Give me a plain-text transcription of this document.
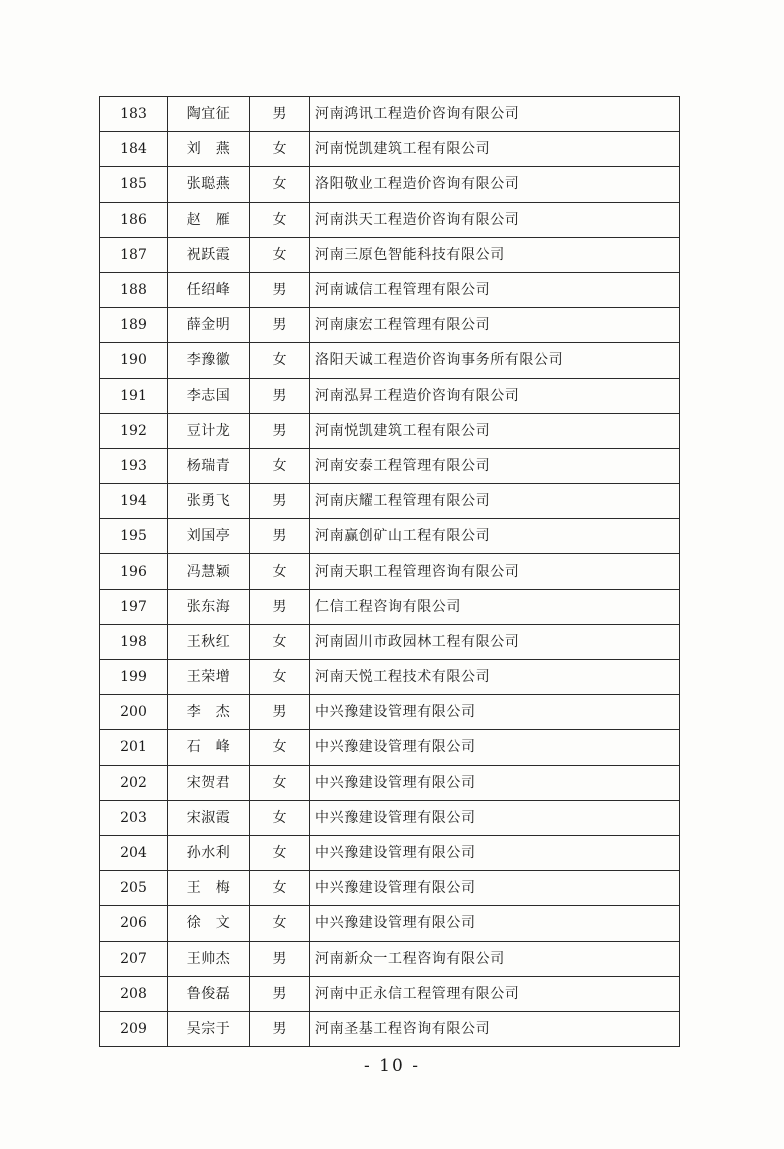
183	陶宜征	男	河南鸿讯工程造价咨询有限公司
184	刘　燕	女	河南悦凯建筑工程有限公司
185	张聪燕	女	洛阳敬业工程造价咨询有限公司
186	赵　雁	女	河南洪天工程造价咨询有限公司
187	祝跃霞	女	河南三原色智能科技有限公司
188	任绍峰	男	河南诚信工程管理有限公司
189	薛金明	男	河南康宏工程管理有限公司
190	李豫徽	女	洛阳天诚工程造价咨询事务所有限公司
191	李志国	男	河南泓昇工程造价咨询有限公司
192	豆计龙	男	河南悦凯建筑工程有限公司
193	杨瑞青	女	河南安泰工程管理有限公司
194	张勇飞	男	河南庆耀工程管理有限公司
195	刘国亭	男	河南赢创矿山工程有限公司
196	冯慧颖	女	河南天职工程管理咨询有限公司
197	张东海	男	仁信工程咨询有限公司
198	王秋红	女	河南固川市政园林工程有限公司
199	王荣增	女	河南天悦工程技术有限公司
200	李　杰	男	中兴豫建设管理有限公司
201	石　峰	女	中兴豫建设管理有限公司
202	宋贺君	女	中兴豫建设管理有限公司
203	宋淑霞	女	中兴豫建设管理有限公司
204	孙水利	女	中兴豫建设管理有限公司
205	王　梅	女	中兴豫建设管理有限公司
206	徐　文	女	中兴豫建设管理有限公司
207	王帅杰	男	河南新众一工程咨询有限公司
208	鲁俊磊	男	河南中正永信工程管理有限公司
209	吴宗于	男	河南圣基工程咨询有限公司
- 10 -
